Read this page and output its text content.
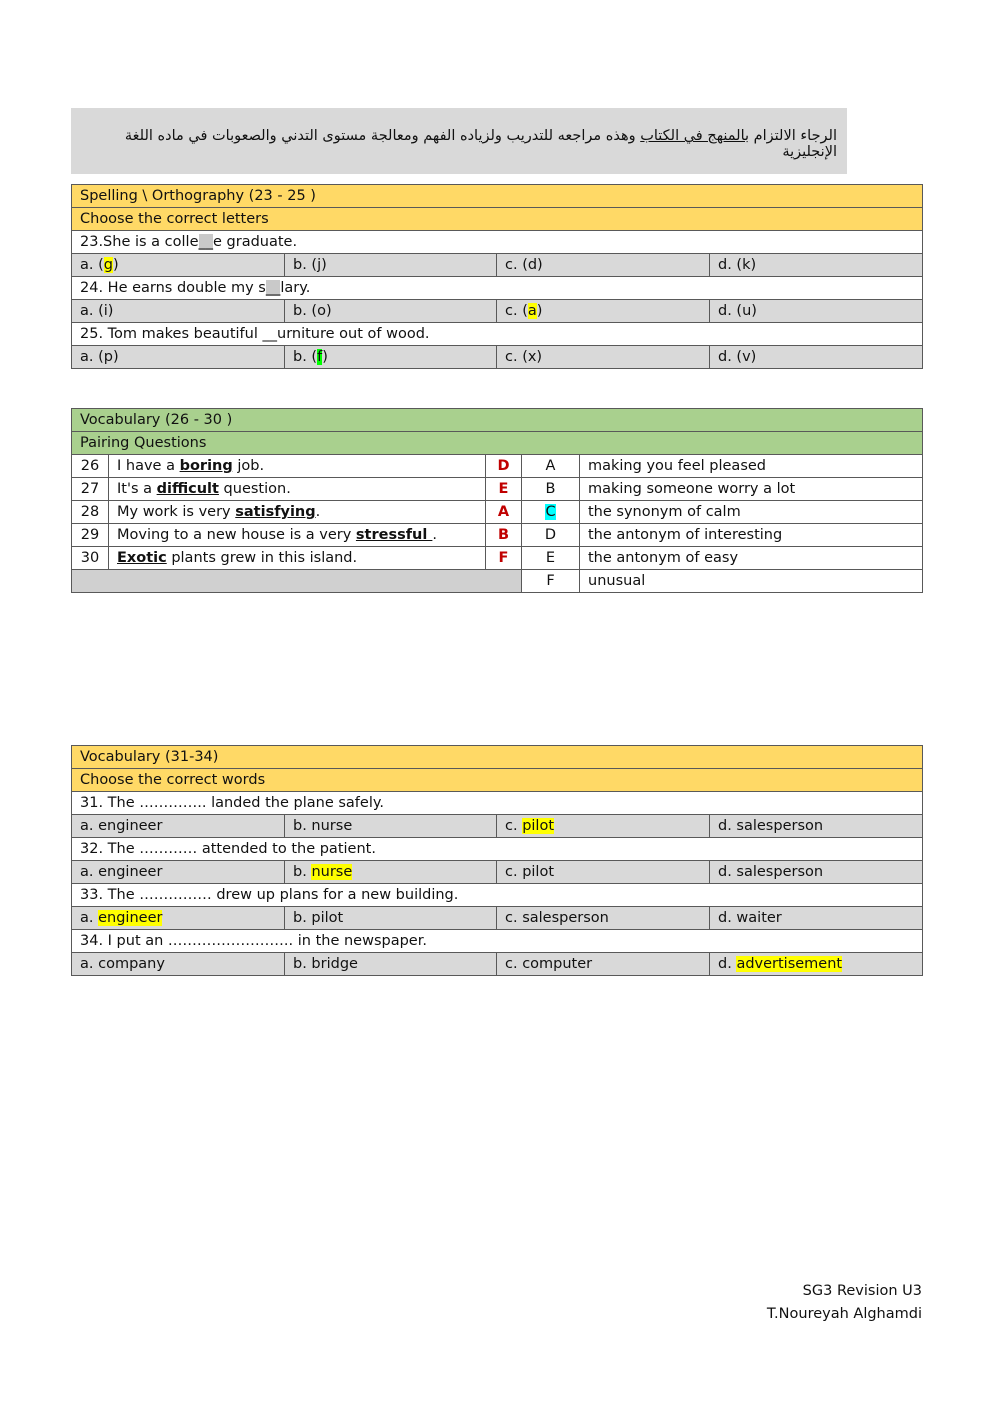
الرجاء الالتزام بالمنهج في الكتاب وهذه مراجعه للتدريب ولزياده الفهم ومعالجة مستوى التدني والصعوبات في ماده اللغة الإنجليزية
Spelling \ Orthography (23 - 25 )			
Choose the correct letters			
23.She is a colle__e graduate.			
a. (g)	b. (j)	c. (d)	d. (k)
24. He earns double my s__lary.			
a. (i)	b. (o)	c. (a)	d. (u)
25. Tom makes beautiful __urniture out of wood.			
a. (p)	b. (f)	c. (x)	d. (v)
Vocabulary (26 - 30 )				
Pairing Questions				
26	I have a boring job.	D	A	making you feel pleased
27	It's a difficult question.	E	B	making someone worry a lot
28	My work is very satisfying.	A	C	the synonym of calm
29	Moving to a new house is a very stressful .	B	D	the antonym of interesting
30	Exotic plants grew in this island.	F	E	the antonym of easy
			F	unusual
Vocabulary (31-34)			
Choose the correct words			
31. The ………….. landed the plane safely.			
a. engineer	b. nurse	c. pilot	d. salesperson
32. The ………… attended to the patient.			
a. engineer	b. nurse	c. pilot	d. salesperson
33. The …………… drew up plans for a new building.			
a. engineer	b. pilot	c. salesperson	d. waiter
34. I put an …………………….. in the newspaper.			
a. company	b. bridge	c. computer	d. advertisement
SG3 Revision U3
T.Noureyah Alghamdi
